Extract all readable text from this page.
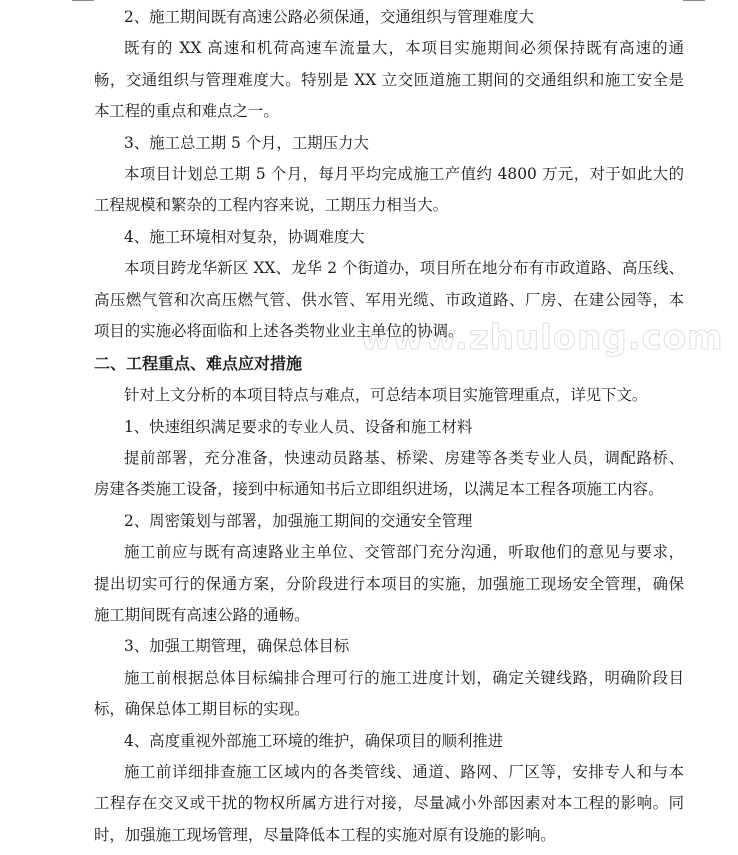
www.zhulong.com
2、施工期间既有高速公路必须保通，交通组织与管理难度大
既有的 XX 高速和机荷高速车流量大，本项目实施期间必须保持既有高速的通
畅，交通组织与管理难度大。特别是 XX 立交匝道施工期间的交通组织和施工安全是
本工程的重点和难点之一。
3、施工总工期 5 个月，工期压力大
本项目计划总工期 5 个月，每月平均完成施工产值约 4800 万元，对于如此大的
工程规模和繁杂的工程内容来说，工期压力相当大。
4、施工环境相对复杂，协调难度大
本项目跨龙华新区 XX、龙华 2 个街道办，项目所在地分布有市政道路、高压线、
高压燃气管和次高压燃气管、供水管、军用光缆、市政道路、厂房、在建公园等，本
项目的实施必将面临和上述各类物业业主单位的协调。
二、工程重点、难点应对措施
针对上文分析的本项目特点与难点，可总结本项目实施管理重点，详见下文。
1、快速组织满足要求的专业人员、设备和施工材料
提前部署，充分准备，快速动员路基、桥梁、房建等各类专业人员，调配路桥、
房建各类施工设备，接到中标通知书后立即组织进场，以满足本工程各项施工内容。
2、周密策划与部署，加强施工期间的交通安全管理
施工前应与既有高速路业主单位、交管部门充分沟通，听取他们的意见与要求，
提出切实可行的保通方案，分阶段进行本项目的实施，加强施工现场安全管理，确保
施工期间既有高速公路的通畅。
3、加强工期管理，确保总体目标
施工前根据总体目标编排合理可行的施工进度计划，确定关键线路，明确阶段目
标，确保总体工期目标的实现。
4、高度重视外部施工环境的维护，确保项目的顺利推进
施工前详细排查施工区域内的各类管线、通道、路网、厂区等，安排专人和与本
工程存在交叉或干扰的物权所属方进行对接，尽量减小外部因素对本工程的影响。同
时，加强施工现场管理，尽量降低本工程的实施对原有设施的影响。
